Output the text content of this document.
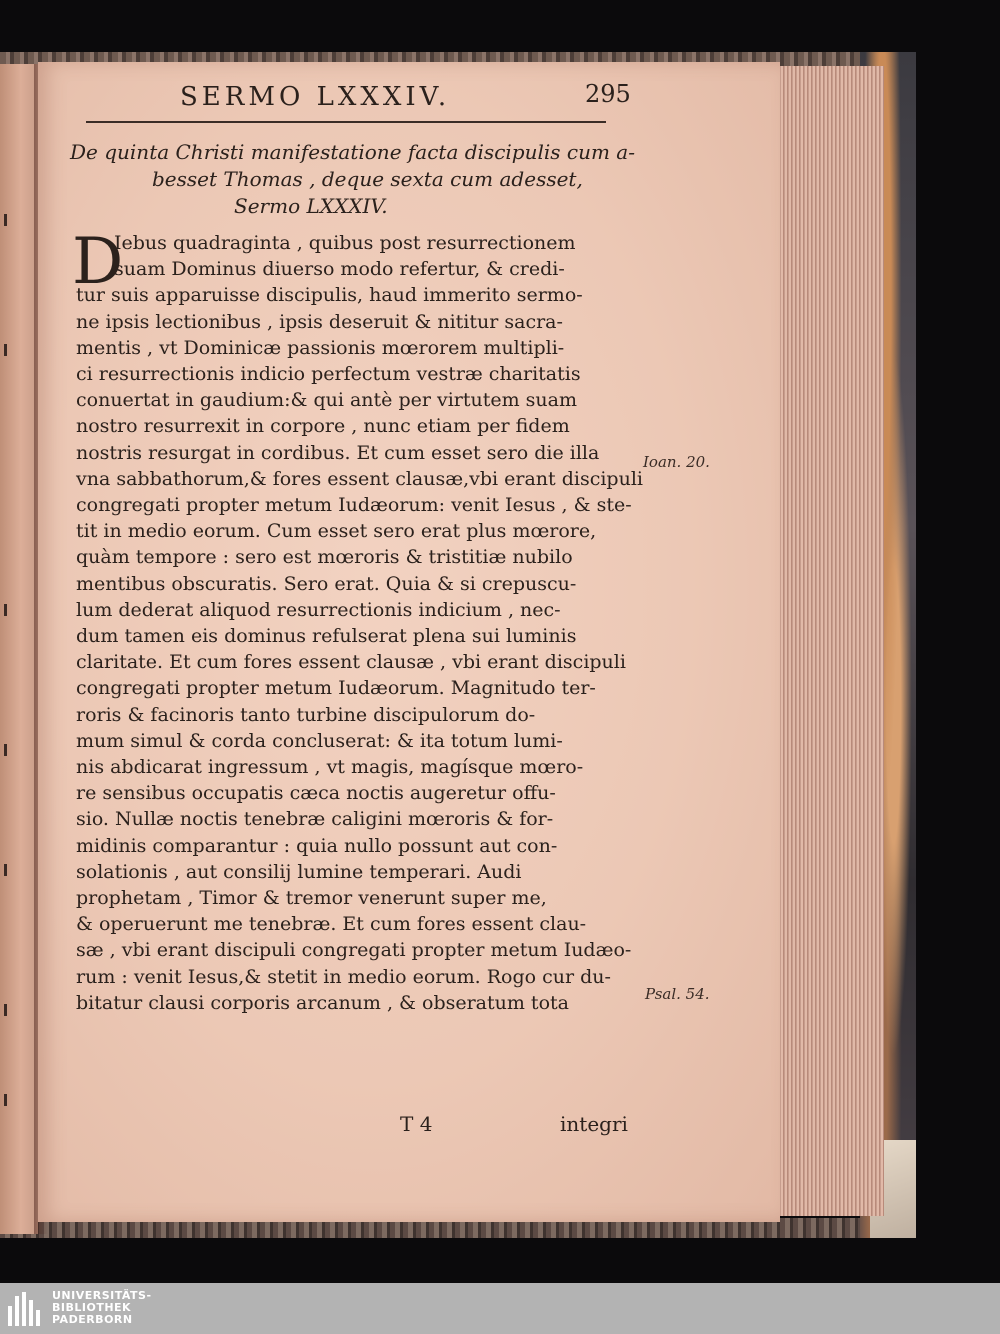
SERMO LXXXIV.	295
De quinta Christi manifestatione facta discipulis cum a-
besset Thomas , deque sexta cum adesset,
Sermo LXXXIV.
D
Iebus quadraginta , quibus post resurrectionem
suam Dominus diuerso modo refertur, & credi-
tur suis apparuisse discipulis, haud immerito sermo-
ne ipsis lectionibus , ipsis deseruit & nititur sacra-
mentis , vt Dominicæ passionis mœrorem multipli-
ci resurrectionis indicio perfectum vestræ charitatis
conuertat in gaudium:& qui antè per virtutem suam
nostro resurrexit in corpore , nunc etiam per fidem
nostris resurgat in cordibus. Et cum esset sero die illa
vna sabbathorum,& fores essent clausæ,vbi erant discipuli
congregati propter metum Iudæorum: venit Iesus , & ste-
tit in medio eorum. Cum esset sero erat plus mœrore,
quàm tempore : sero est mœroris & tristitiæ nubilo
mentibus obscuratis. Sero erat. Quia & si crepuscu-
lum dederat aliquod resurrectionis indicium , nec-
dum tamen eis dominus refulserat plena sui luminis
claritate. Et cum fores essent clausæ , vbi erant discipuli
congregati propter metum Iudæorum. Magnitudo ter-
roris & facinoris tanto turbine discipulorum do-
mum simul & corda concluserat: & ita totum lumi-
nis abdicarat ingressum , vt magis, magísque mœro-
re sensibus occupatis cæca noctis augeretur offu-
sio. Nullæ noctis tenebræ caligini mœroris & for-
midinis comparantur : quia nullo possunt aut con-
solationis , aut consilij lumine temperari. Audi
prophetam , Timor & tremor venerunt super me,
& operuerunt me tenebræ. Et cum fores essent clau-
sæ , vbi erant discipuli congregati propter metum Iudæo-
rum : venit Iesus,& stetit in medio eorum. Rogo cur du-
bitatur clausi corporis arcanum , & obseratum tota
Ioan. 20.
Psal. 54.
T 4	integri
UNIVERSITÄTS-
BIBLIOTHEK
PADERBORN
